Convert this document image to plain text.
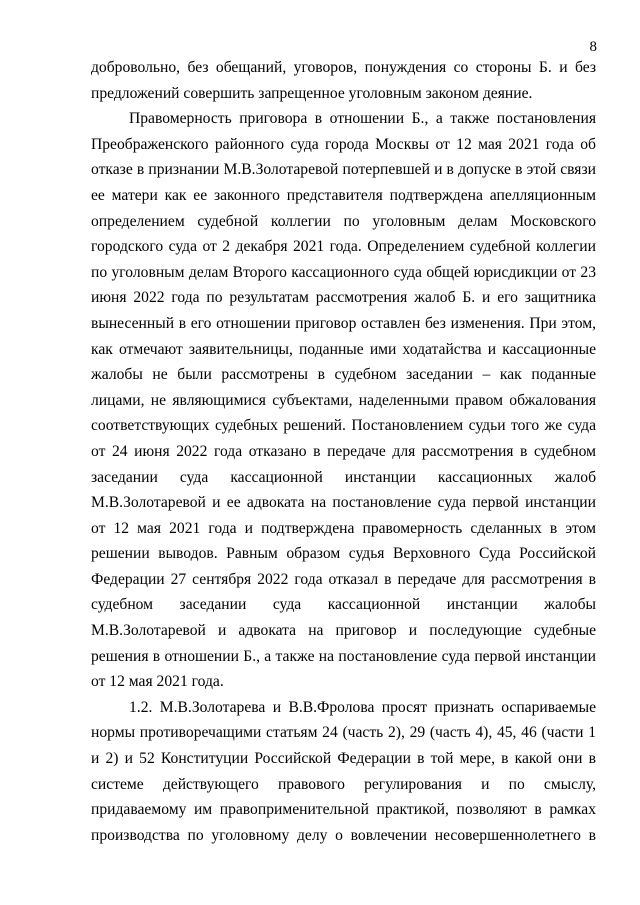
8
добровольно, без обещаний, уговоров, понуждения со стороны Б. и без
предложений совершить запрещенное уголовным законом деяние.
Правомерность приговора в отношении Б., а также постановления
Преображенского районного суда города Москвы от 12 мая 2021 года об
отказе в признании М.В.Золотаревой потерпевшей и в допуске в этой связи
ее матери как ее законного представителя подтверждена апелляционным
определением судебной коллегии по уголовным делам Московского
городского суда от 2 декабря 2021 года. Определением судебной коллегии
по уголовным делам Второго кассационного суда общей юрисдикции от 23
июня 2022 года по результатам рассмотрения жалоб Б. и его защитника
вынесенный в его отношении приговор оставлен без изменения. При этом,
как отмечают заявительницы, поданные ими ходатайства и кассационные
жалобы не были рассмотрены в судебном заседании – как поданные
лицами, не являющимися субъектами, наделенными правом обжалования
соответствующих судебных решений. Постановлением судьи того же суда
от 24 июня 2022 года отказано в передаче для рассмотрения в судебном
заседании суда кассационной инстанции кассационных жалоб
М.В.Золотаревой и ее адвоката на постановление суда первой инстанции
от 12 мая 2021 года и подтверждена правомерность сделанных в этом
решении выводов. Равным образом судья Верховного Суда Российской
Федерации 27 сентября 2022 года отказал в передаче для рассмотрения в
судебном заседании суда кассационной инстанции жалобы
М.В.Золотаревой и адвоката на приговор и последующие судебные
решения в отношении Б., а также на постановление суда первой инстанции
от 12 мая 2021 года.
1.2. М.В.Золотарева и В.В.Фролова просят признать оспариваемые
нормы противоречащими статьям 24 (часть 2), 29 (часть 4), 45, 46 (части 1
и 2) и 52 Конституции Российской Федерации в той мере, в какой они в
системе действующего правового регулирования и по смыслу,
придаваемому им правоприменительной практикой, позволяют в рамках
производства по уголовному делу о вовлечении несовершеннолетнего в
